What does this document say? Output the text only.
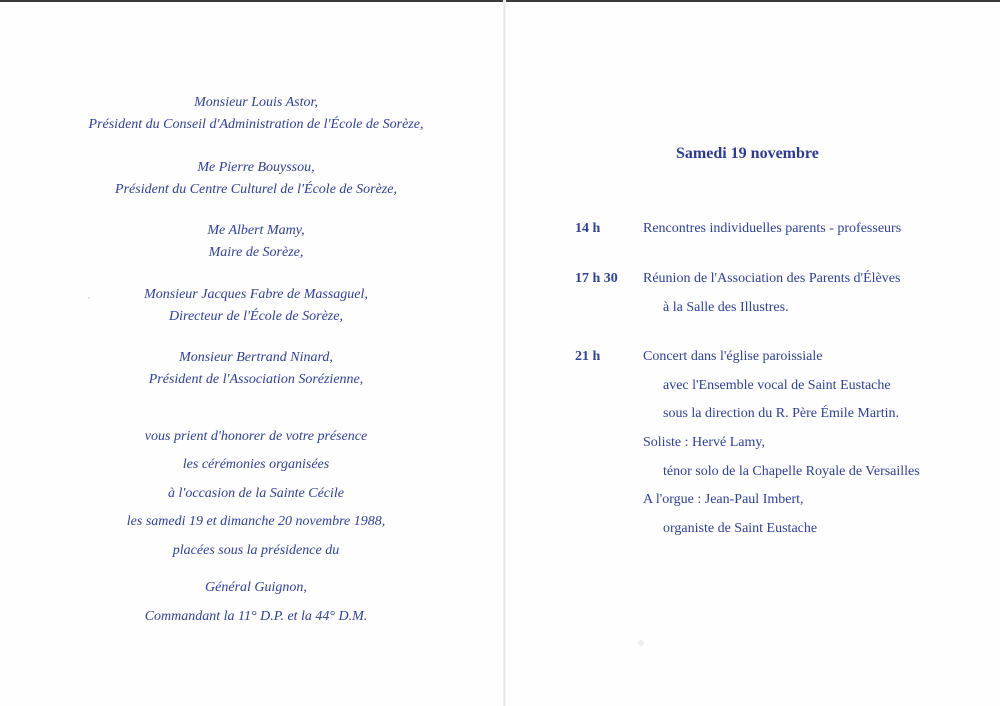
Monsieur Louis Astor,
Président du Conseil d'Administration de l'École de Sorèze,
Me Pierre Bouyssou,
Président du Centre Culturel de l'École de Sorèze,
Me Albert Mamy,
Maire de Sorèze,
Monsieur Jacques Fabre de Massaguel,
Directeur de l'École de Sorèze,
Monsieur Bertrand Ninard,
Président de l'Association Sorézienne,
vous prient d'honorer de votre présence
les cérémonies organisées
à l'occasion de la Sainte Cécile
les samedi 19 et dimanche 20 novembre 1988,
placées sous la présidence du
Général Guignon,
Commandant la 11° D.P. et la 44° D.M.
Samedi 19 novembre
14 h	Rencontres individuelles parents - professeurs
17 h 30 Réunion de l'Association des Parents d'Élèves
à la Salle des Illustres.
21 h	Concert dans l'église paroissiale
avec l'Ensemble vocal de Saint Eustache
sous la direction du R. Père Émile Martin.
Soliste : Hervé Lamy,
ténor solo de la Chapelle Royale de Versailles
A l'orgue : Jean-Paul Imbert,
organiste de Saint Eustache
